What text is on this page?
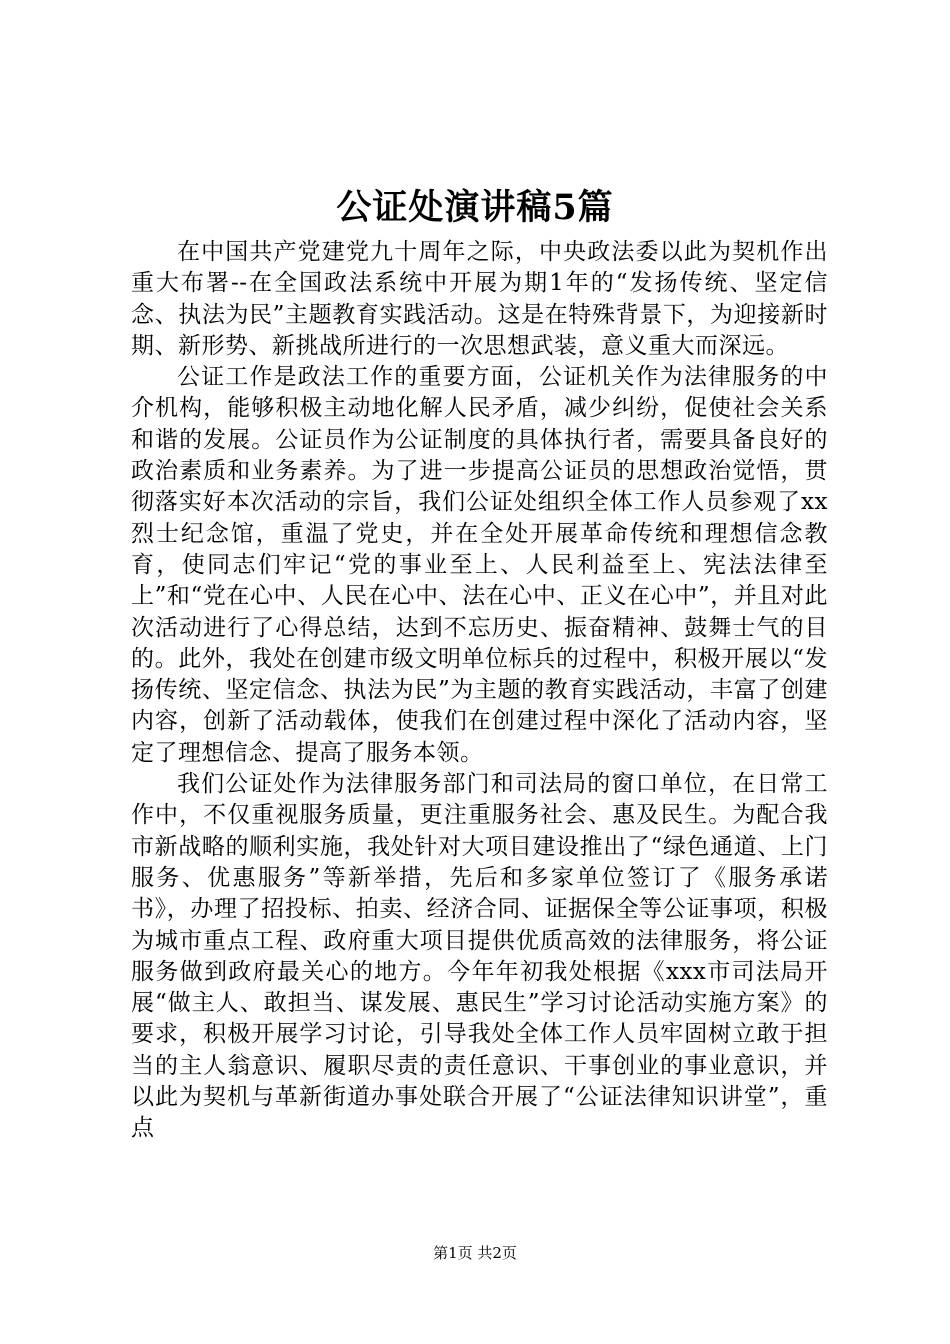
公证处演讲稿5篇

在中国共产党建党九十周年之际，中央政法委以此为契机作出重大布署--在全国政法系统中开展为期1年的“发扬传统、坚定信念、执法为民”主题教育实践活动。这是在特殊背景下，为迎接新时期、新形势、新挑战所进行的一次思想武装，意义重大而深远。

公证工作是政法工作的重要方面，公证机关作为法律服务的中介机构，能够积极主动地化解人民矛盾，减少纠纷，促使社会关系和谐的发展。公证员作为公证制度的具体执行者，需要具备良好的政治素质和业务素养。为了进一步提高公证员的思想政治觉悟，贯彻落实好本次活动的宗旨，我们公证处组织全体工作人员参观了xx烈士纪念馆，重温了党史，并在全处开展革命传统和理想信念教育，使同志们牢记“党的事业至上、人民利益至上、宪法法律至上”和“党在心中、人民在心中、法在心中、正义在心中”，并且对此次活动进行了心得总结，达到不忘历史、振奋精神、鼓舞士气的目的。此外，我处在创建市级文明单位标兵的过程中，积极开展以“发扬传统、坚定信念、执法为民”为主题的教育实践活动，丰富了创建内容，创新了活动载体，使我们在创建过程中深化了活动内容，坚定了理想信念、提高了服务本领。

我们公证处作为法律服务部门和司法局的窗口单位，在日常工作中，不仅重视服务质量，更注重服务社会、惠及民生。为配合我市新战略的顺利实施，我处针对大项目建设推出了“绿色通道、上门服务、优惠服务”等新举措，先后和多家单位签订了《服务承诺书》，办理了招投标、拍卖、经济合同、证据保全等公证事项，积极为城市重点工程、政府重大项目提供优质高效的法律服务，将公证服务做到政府最关心的地方。今年年初我处根据《xxx市司法局开展“做主人、敢担当、谋发展、惠民生”学习讨论活动实施方案》的要求，积极开展学习讨论，引导我处全体工作人员牢固树立敢于担当的主人翁意识、履职尽责的责任意识、干事创业的事业意识，并以此为契机与革新街道办事处联合开展了“公证法律知识讲堂”，重点

第1页 共2页
